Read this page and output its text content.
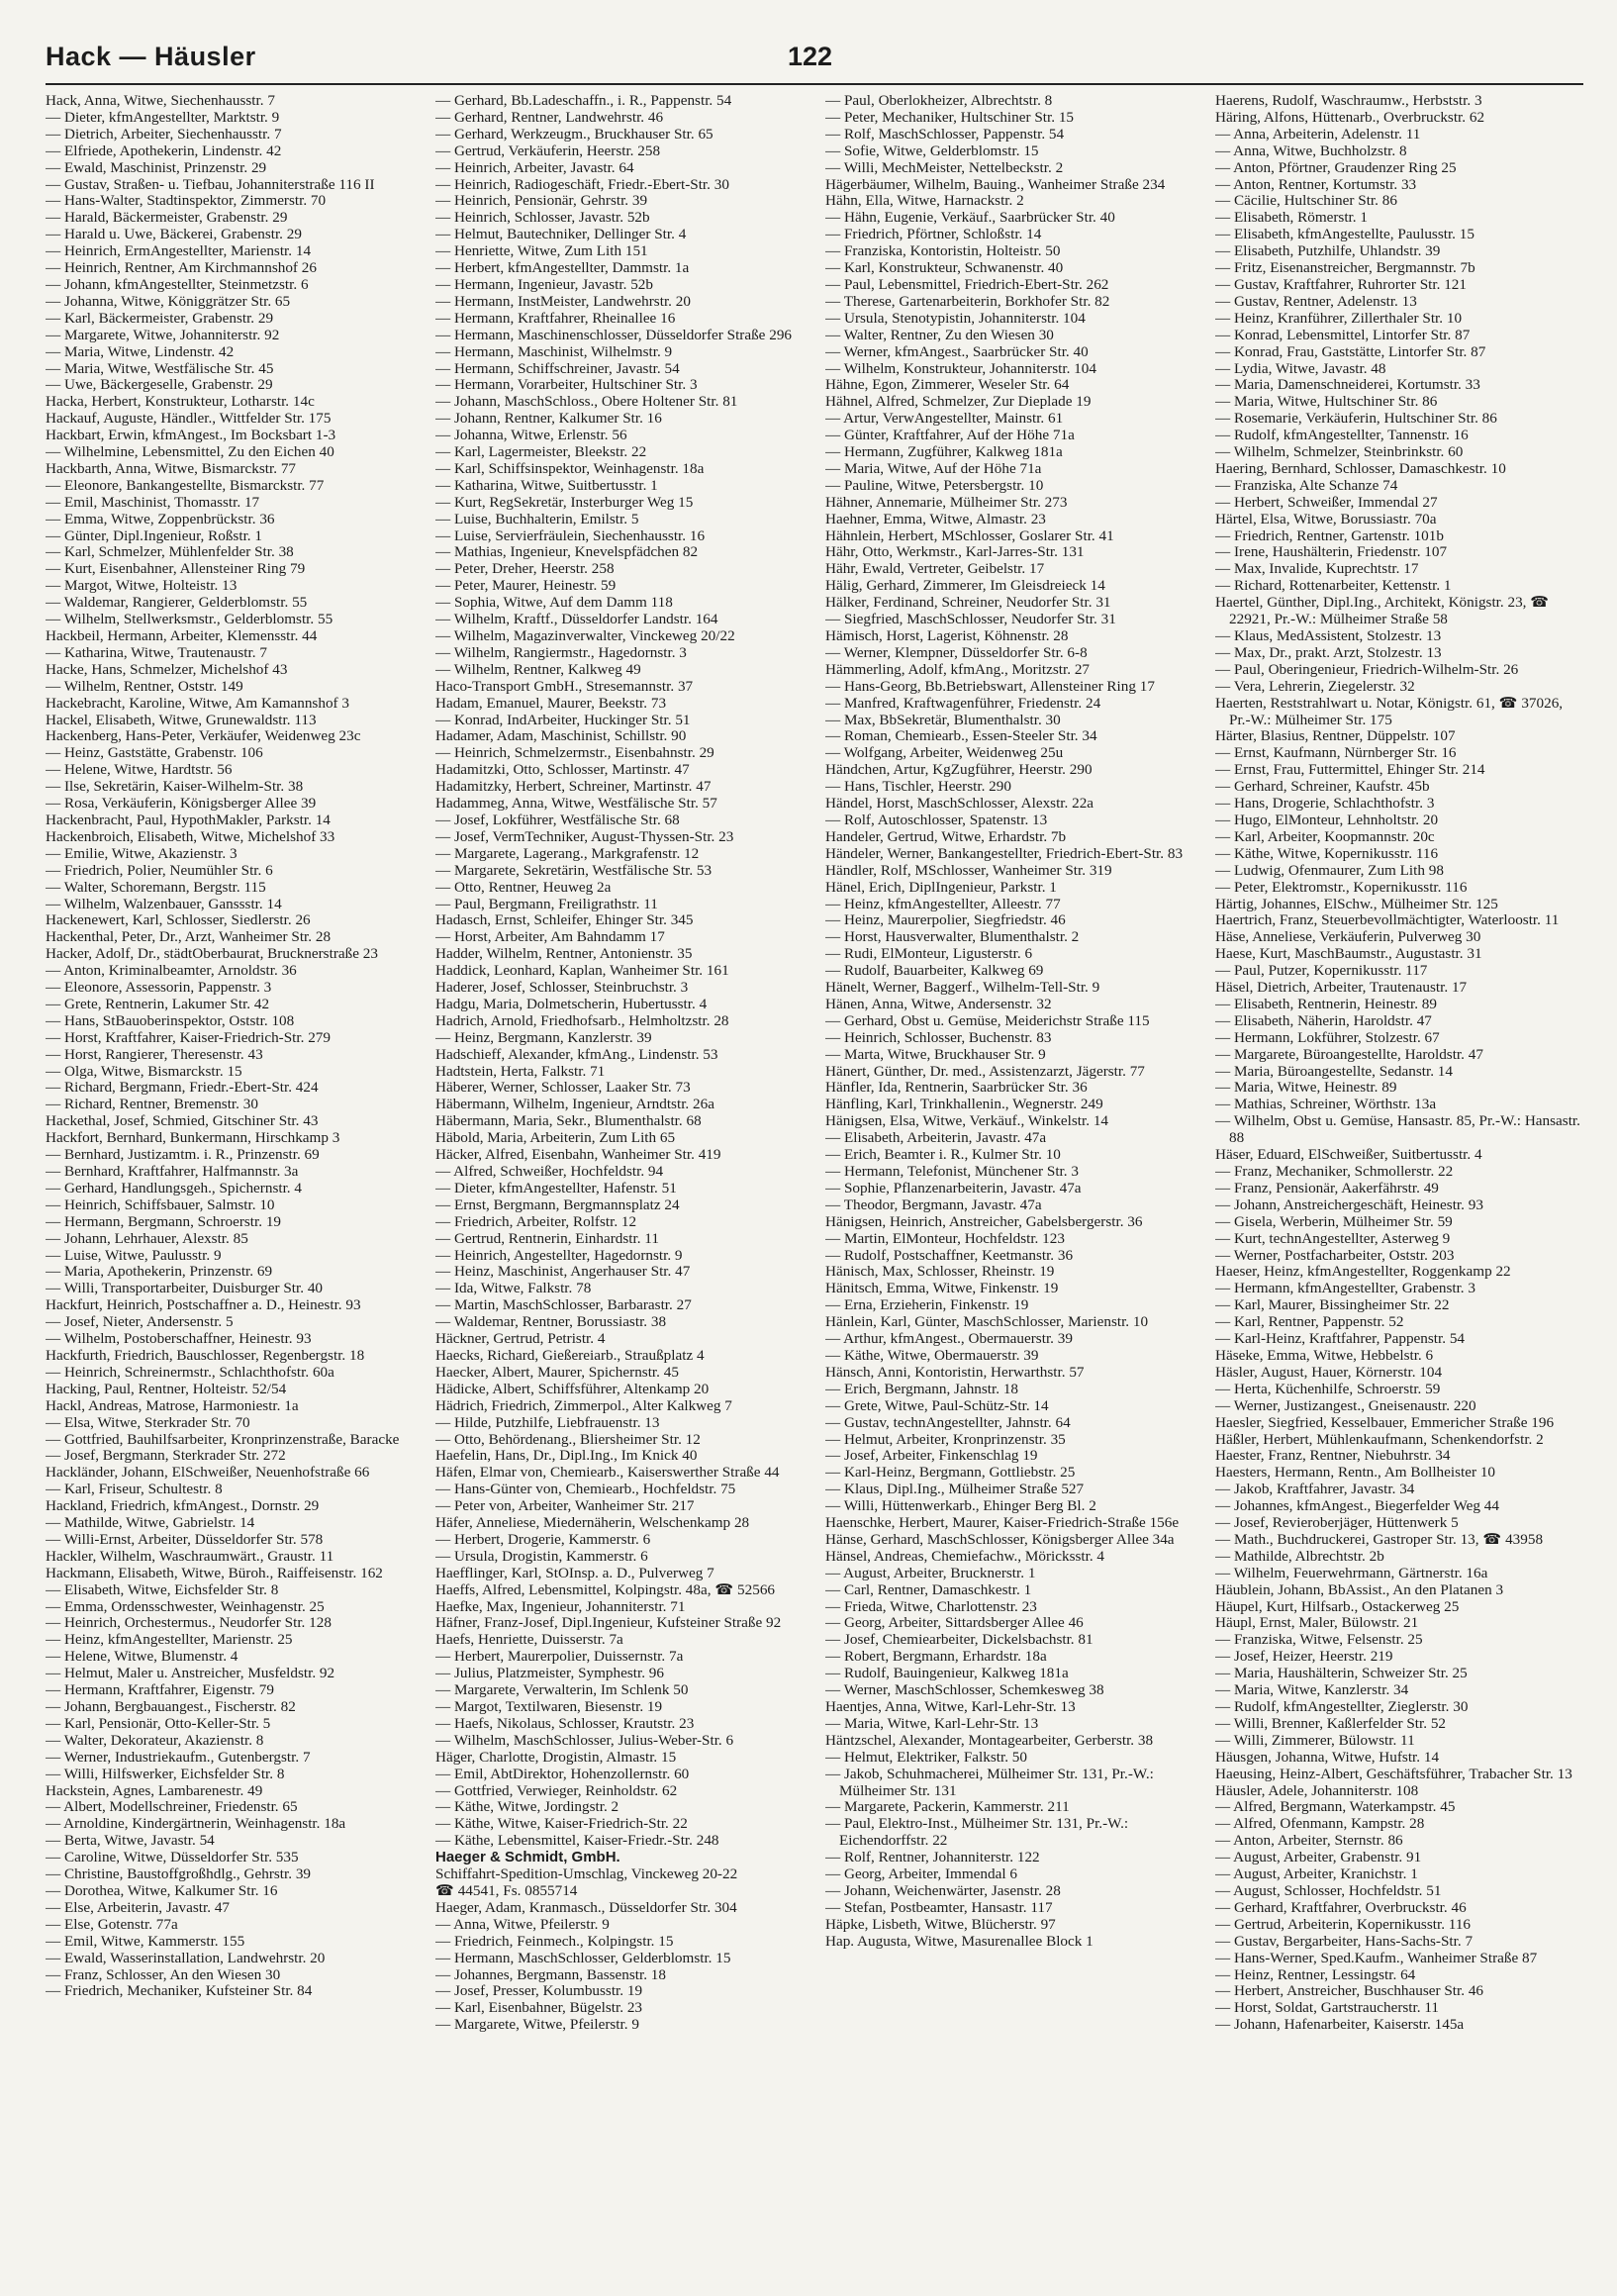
Hack — Häusler	122
Hack, Anna, Witwe, Siechenhausstr. 7
— Dieter, kfmAngestellter, Marktstr. 9
— Dietrich, Arbeiter, Siechenhausstr. 7
— Elfriede, Apothekerin, Lindenstr. 42
— Ewald, Maschinist, Prinzenstr. 29
— Gustav, Straßen- u. Tiefbau, Johanniterstraße 116 II
— Hans-Walter, Stadtinspektor, Zimmerstr. 70
— Harald, Bäckermeister, Grabenstr. 29
— Harald u. Uwe, Bäckerei, Grabenstr. 29
— Heinrich, ErmAngestellter, Marienstr. 14
— Heinrich, Rentner, Am Kirchmannshof 26
— Johann, kfmAngestellter, Steinmetzstr. 6
— Johanna, Witwe, Königgrätzer Str. 65
— Karl, Bäckermeister, Grabenstr. 29
— Margarete, Witwe, Johanniterstr. 92
— Maria, Witwe, Lindenstr. 42
— Maria, Witwe, Westfälische Str. 45
— Uwe, Bäckergeselle, Grabenstr. 29
Hacka, Herbert, Konstrukteur, Lotharstr. 14c
Hackauf, Auguste, Händler., Wittfelder Str. 175
Hackbart, Erwin, kfmAngest., Im Bocksbart 1-3
— Wilhelmine, Lebensmittel, Zu den Eichen 40
Hackbarth, Anna, Witwe, Bismarckstr. 77
— Eleonore, Bankangestellte, Bismarckstr. 77
— Emil, Maschinist, Thomasstr. 17
— Emma, Witwe, Zoppenbrückstr. 36
— Günter, Dipl.Ingenieur, Roßstr. 1
— Karl, Schmelzer, Mühlenfelder Str. 38
— Kurt, Eisenbahner, Allensteiner Ring 79
— Margot, Witwe, Holteistr. 13
— Waldemar, Rangierer, Gelderblomstr. 55
— Wilhelm, Stellwerksmstr., Gelderblomstr. 55
Hackbeil, Hermann, Arbeiter, Klemensstr. 44
— Katharina, Witwe, Trautenaustr. 7
Hacke, Hans, Schmelzer, Michelshof 43
— Wilhelm, Rentner, Oststr. 149
Hackebracht, Karoline, Witwe, Am Kamannshof 3
Hackel, Elisabeth, Witwe, Grunewaldstr. 113
Hackenberg, Hans-Peter, Verkäufer, Weidenweg 23c
— Heinz, Gaststätte, Grabenstr. 106
— Helene, Witwe, Hardtstr. 56
— Ilse, Sekretärin, Kaiser-Wilhelm-Str. 38
— Rosa, Verkäuferin, Königsberger Allee 39
Hackenbracht, Paul, HypothMakler, Parkstr. 14
Hackenbroich, Elisabeth, Witwe, Michelshof 33
— Emilie, Witwe, Akazienstr. 3
— Friedrich, Polier, Neumühler Str. 6
— Walter, Schoremann, Bergstr. 115
— Wilhelm, Walzenbauer, Ganssstr. 14
Hackenewert, Karl, Schlosser, Siedlerstr. 26
Hackenthal, Peter, Dr., Arzt, Wanheimer Str. 28
Hacker, Adolf, Dr., städtOberbaurat, Brucknerstraße 23
— Anton, Kriminalbeamter, Arnoldstr. 36
— Eleonore, Assessorin, Pappenstr. 3
— Grete, Rentnerin, Lakumer Str. 42
— Hans, StBauoberinspektor, Oststr. 108
— Horst, Kraftfahrer, Kaiser-Friedrich-Str. 279
— Horst, Rangierer, Theresenstr. 43
— Olga, Witwe, Bismarckstr. 15
— Richard, Bergmann, Friedr.-Ebert-Str. 424
— Richard, Rentner, Bremenstr. 30
Hackethal, Josef, Schmied, Gitschiner Str. 43
Hackfort, Bernhard, Bunkermann, Hirschkamp 3
— Bernhard, Justizamtm. i. R., Prinzenstr. 69
— Bernhard, Kraftfahrer, Halfmannstr. 3a
— Gerhard, Handlungsgeh., Spichernstr. 4
— Heinrich, Schiffsbauer, Salmstr. 10
— Hermann, Bergmann, Schroerstr. 19
— Johann, Lehrhauer, Alexstr. 85
— Luise, Witwe, Paulusstr. 9
— Maria, Apothekerin, Prinzenstr. 69
— Willi, Transportarbeiter, Duisburger Str. 40
Hackfurt, Heinrich, Postschaffner a. D., Heinestr. 93
— Josef, Nieter, Andersenstr. 5
— Wilhelm, Postoberschaffner, Heinestr. 93
Hackfurth, Friedrich, Bauschlosser, Regenbergstr. 18
— Heinrich, Schreinermstr., Schlachthofstr. 60a
Hacking, Paul, Rentner, Holteistr. 52/54
Hackl, Andreas, Matrose, Harmoniestr. 1a
— Elsa, Witwe, Sterkrader Str. 70
— Gottfried, Bauhilfsarbeiter, Kronprinzenstraße, Baracke
— Josef, Bergmann, Sterkrader Str. 272
Hackländer, Johann, ElSchweißer, Neuenhofstraße 66
— Karl, Friseur, Schultestr. 8
Hackland, Friedrich, kfmAngest., Dornstr. 29
— Mathilde, Witwe, Gabrielstr. 14
— Willi-Ernst, Arbeiter, Düsseldorfer Str. 578
Hackler, Wilhelm, Waschraumwärt., Graustr. 11
Hackmann, Elisabeth, Witwe, Büroh., Raiffeisenstr. 162
— Elisabeth, Witwe, Eichsfelder Str. 8
— Emma, Ordensschwester, Weinhagenstr. 25
— Heinrich, Orchestermus., Neudorfer Str. 128
— Heinz, kfmAngestellter, Marienstr. 25
— Helene, Witwe, Blumenstr. 4
— Helmut, Maler u. Anstreicher, Musfeldstr. 92
— Hermann, Kraftfahrer, Eigenstr. 79
— Johann, Bergbauangest., Fischerstr. 82
— Karl, Pensionär, Otto-Keller-Str. 5
— Walter, Dekorateur, Akazienstr. 8
— Werner, Industriekaufm., Gutenbergstr. 7
— Willi, Hilfswerker, Eichsfelder Str. 8
Hackstein, Agnes, Lambarenestr. 49
— Albert, Modellschreiner, Friedenstr. 65
— Arnoldine, Kindergärtnerin, Weinhagenstr. 18a
— Berta, Witwe, Javastr. 54
— Caroline, Witwe, Düsseldorfer Str. 535
— Christine, Baustoffgroßhdlg., Gehrstr. 39
— Dorothea, Witwe, Kalkumer Str. 16
— Else, Arbeiterin, Javastr. 47
— Else, Gotenstr. 77a
— Emil, Witwe, Kammerstr. 155
— Ewald, Wasserinstallation, Landwehrstr. 20
— Franz, Schlosser, An den Wiesen 30
— Friedrich, Mechaniker, Kufsteiner Str. 84
— Gerhard, Bb.Ladeschaffn., i. R., Pappenstr. 54
— Gerhard, Rentner, Landwehrstr. 46
— Gerhard, Werkzeugm., Bruckhauser Str. 65
— Gertrud, Verkäuferin, Heerstr. 258
— Heinrich, Arbeiter, Javastr. 64
— Heinrich, Radiogeschäft, Friedr.-Ebert-Str. 30
— Heinrich, Pensionär, Gehrstr. 39
— Heinrich, Schlosser, Javastr. 52b
— Helmut, Bautechniker, Dellinger Str. 4
— Henriette, Witwe, Zum Lith 151
— Herbert, kfmAngestellter, Dammstr. 1a
— Hermann, Ingenieur, Javastr. 52b
— Hermann, InstMeister, Landwehrstr. 20
— Hermann, Kraftfahrer, Rheinallee 16
— Hermann, Maschinenschlosser, Düsseldorfer Straße 296
— Hermann, Maschinist, Wilhelmstr. 9
— Hermann, Schiffschreiner, Javastr. 54
— Hermann, Vorarbeiter, Hultschiner Str. 3
— Johann, MaschSchloss., Obere Holtener Str. 81
— Johann, Rentner, Kalkumer Str. 16
— Johanna, Witwe, Erlenstr. 56
— Karl, Lagermeister, Bleekstr. 22
— Karl, Schiffsinspektor, Weinhagenstr. 18a
— Katharina, Witwe, Suitbertusstr. 1
— Kurt, RegSekretär, Insterburger Weg 15
— Luise, Buchhalterin, Emilstr. 5
— Luise, Servierfräulein, Siechenhausstr. 16
— Mathias, Ingenieur, Knevelspfädchen 82
— Peter, Dreher, Heerstr. 258
— Peter, Maurer, Heinestr. 59
— Sophia, Witwe, Auf dem Damm 118
— Wilhelm, Kraftf., Düsseldorfer Landstr. 164
— Wilhelm, Magazinverwalter, Vinckeweg 20/22
— Wilhelm, Rangiermstr., Hagedornstr. 3
— Wilhelm, Rentner, Kalkweg 49
Haco-Transport GmbH., Stresemannstr. 37
Hadam, Emanuel, Maurer, Beekstr. 73
— Konrad, IndArbeiter, Huckinger Str. 51
Hadamer, Adam, Maschinist, Schillstr. 90
— Heinrich, Schmelzermstr., Eisenbahnstr. 29
Hadamitzki, Otto, Schlosser, Martinstr. 47
Hadamitzky, Herbert, Schreiner, Martinstr. 47
Hadammeg, Anna, Witwe, Westfälische Str. 57
— Josef, Lokführer, Westfälische Str. 68
— Josef, VermTechniker, August-Thyssen-Str. 23
— Margarete, Lagerang., Markgrafenstr. 12
— Margarete, Sekretärin, Westfälische Str. 53
— Otto, Rentner, Heuweg 2a
— Paul, Bergmann, Freiligrathstr. 11
Hadasch, Ernst, Schleifer, Ehinger Str. 345
— Horst, Arbeiter, Am Bahndamm 17
Hadder, Wilhelm, Rentner, Antonienstr. 35
Haddick, Leonhard, Kaplan, Wanheimer Str. 161
Haderer, Josef, Schlosser, Steinbruchstr. 3
Hadgu, Maria, Dolmetscherin, Hubertusstr. 4
Hadrich, Arnold, Friedhofsarb., Helmholtzstr. 28
— Heinz, Bergmann, Kanzlerstr. 39
Hadschieff, Alexander, kfmAng., Lindenstr. 53
Hadtstein, Herta, Falkstr. 71
Häberer, Werner, Schlosser, Laaker Str. 73
Häbermann, Wilhelm, Ingenieur, Arndtstr. 26a
Häbermann, Maria, Sekr., Blumenthalstr. 68
Häbold, Maria, Arbeiterin, Zum Lith 65
Häcker, Alfred, Eisenbahn, Wanheimer Str. 419
— Alfred, Schweißer, Hochfeldstr. 94
— Dieter, kfmAngestellter, Hafenstr. 51
— Ernst, Bergmann, Bergmannsplatz 24
— Friedrich, Arbeiter, Rolfstr. 12
— Gertrud, Rentnerin, Einhardstr. 11
— Heinrich, Angestellter, Hagedornstr. 9
— Heinz, Maschinist, Angerhauser Str. 47
— Ida, Witwe, Falkstr. 78
— Martin, MaschSchlosser, Barbarastr. 27
— Waldemar, Rentner, Borussiastr. 38
Häckner, Gertrud, Petristr. 4
Haecks, Richard, Gießereiarb., Straußplatz 4
Haecker, Albert, Maurer, Spichernstr. 45
Hädicke, Albert, Schiffsführer, Altenkamp 20
Hädrich, Friedrich, Zimmerpol., Alter Kalkweg 7
— Hilde, Putzhilfe, Liebfrauenstr. 13
— Otto, Behördenang., Bliersheimer Str. 12
Haefelin, Hans, Dr., Dipl.Ing., Im Knick 40
Häfen, Elmar von, Chemiearb., Kaiserswerther Straße 44
— Hans-Günter von, Chemiearb., Hochfeldstr. 75
— Peter von, Arbeiter, Wanheimer Str. 217
Häfer, Anneliese, Miedernäherin, Welschenkamp 28
— Herbert, Drogerie, Kammerstr. 6
— Ursula, Drogistin, Kammerstr. 6
Haefflinger, Karl, StOInsp. a. D., Pulverweg 7
Haeffs, Alfred, Lebensmittel, Kolpingstr. 48a, ☎ 52566
Haefke, Max, Ingenieur, Johanniterstr. 71
Häfner, Franz-Josef, Dipl.Ingenieur, Kufsteiner Straße 92
Haefs, Henriette, Duisserstr. 7a
— Herbert, Maurerpolier, Duissernstr. 7a
— Julius, Platzmeister, Symphestr. 96
— Margarete, Verwalterin, Im Schlenk 50
— Margot, Textilwaren, Biesenstr. 19
— Haefs, Nikolaus, Schlosser, Krautstr. 23
— Wilhelm, MaschSchlosser, Julius-Weber-Str. 6
Häger, Charlotte, Drogistin, Almastr. 15
— Emil, AbtDirektor, Hohenzollernstr. 60
— Gottfried, Verwieger, Reinholdstr. 62
— Käthe, Witwe, Jordingstr. 2
— Käthe, Witwe, Kaiser-Friedrich-Str. 22
— Käthe, Lebensmittel, Kaiser-Friedr.-Str. 248
Haeger & Schmidt, GmbH.
Schiffahrt-Spedition-Umschlag, Vinckeweg 20-22
☎ 44541, Fs. 0855714
Haeger, Adam, Kranmasch., Düsseldorfer Str. 304
— Anna, Witwe, Pfeilerstr. 9
— Friedrich, Feinmech., Kolpingstr. 15
— Hermann, MaschSchlosser, Gelderblomstr. 15
— Johannes, Bergmann, Bassenstr. 18
— Josef, Presser, Kolumbusstr. 19
— Karl, Eisenbahner, Bügelstr. 23
— Margarete, Witwe, Pfeilerstr. 9
— Paul, Oberlokheizer, Albrechtstr. 8
— Peter, Mechaniker, Hultschiner Str. 15
— Rolf, MaschSchlosser, Pappenstr. 54
— Sofie, Witwe, Gelderblomstr. 15
— Willi, MechMeister, Nettelbeckstr. 2
Hägerbäumer, Wilhelm, Bauing., Wanheimer Straße 234
Hähn, Ella, Witwe, Harnackstr. 2
— Hähn, Eugenie, Verkäuf., Saarbrücker Str. 40
— Friedrich, Pförtner, Schloßstr. 14
— Franziska, Kontoristin, Holteistr. 50
— Karl, Konstrukteur, Schwanenstr. 40
— Paul, Lebensmittel, Friedrich-Ebert-Str. 262
— Therese, Gartenarbeiterin, Borkhofer Str. 82
— Ursula, Stenotypistin, Johanniterstr. 104
— Walter, Rentner, Zu den Wiesen 30
— Werner, kfmAngest., Saarbrücker Str. 40
— Wilhelm, Konstrukteur, Johanniterstr. 104
Hähne, Egon, Zimmerer, Weseler Str. 64
Hähnel, Alfred, Schmelzer, Zur Dieplade 19
— Artur, VerwAngestellter, Mainstr. 61
— Günter, Kraftfahrer, Auf der Höhe 71a
— Hermann, Zugführer, Kalkweg 181a
— Maria, Witwe, Auf der Höhe 71a
— Pauline, Witwe, Petersbergstr. 10
Hähner, Annemarie, Mülheimer Str. 273
Haehner, Emma, Witwe, Almastr. 23
Hähnlein, Herbert, MSchlosser, Goslarer Str. 41
Hähr, Otto, Werkmstr., Karl-Jarres-Str. 131
Hähr, Ewald, Vertreter, Geibelstr. 17
Hälig, Gerhard, Zimmerer, Im Gleisdreieck 14
Hälker, Ferdinand, Schreiner, Neudorfer Str. 31
— Siegfried, MaschSchlosser, Neudorfer Str. 31
Hämisch, Horst, Lagerist, Köhnenstr. 28
— Werner, Klempner, Düsseldorfer Str. 6-8
Hämmerling, Adolf, kfmAng., Moritzstr. 27
— Hans-Georg, Bb.Betriebswart, Allensteiner Ring 17
— Manfred, Kraftwagenführer, Friedenstr. 24
— Max, BbSekretär, Blumenthalstr. 30
— Roman, Chemiearb., Essen-Steeler Str. 34
— Wolfgang, Arbeiter, Weidenweg 25u
Händchen, Artur, KgZugführer, Heerstr. 290
— Hans, Tischler, Heerstr. 290
Händel, Horst, MaschSchlosser, Alexstr. 22a
— Rolf, Autoschlosser, Spatenstr. 13
Handeler, Gertrud, Witwe, Erhardstr. 7b
Händeler, Werner, Bankangestellter, Friedrich-Ebert-Str. 83
Händler, Rolf, MSchlosser, Wanheimer Str. 319
Hänel, Erich, DiplIngenieur, Parkstr. 1
— Heinz, kfmAngestellter, Alleestr. 77
— Heinz, Maurerpolier, Siegfriedstr. 46
— Horst, Hausverwalter, Blumenthalstr. 2
— Rudi, ElMonteur, Ligusterstr. 6
— Rudolf, Bauarbeiter, Kalkweg 69
Hänelt, Werner, Baggerf., Wilhelm-Tell-Str. 9
Hänen, Anna, Witwe, Andersenstr. 32
— Gerhard, Obst u. Gemüse, Meiderichstr Straße 115
— Heinrich, Schlosser, Buchenstr. 83
— Marta, Witwe, Bruckhauser Str. 9
Hänert, Günther, Dr. med., Assistenzarzt, Jägerstr. 77
Hänfler, Ida, Rentnerin, Saarbrücker Str. 36
Hänfling, Karl, Trinkhallenin., Wegnerstr. 249
Hänigsen, Elsa, Witwe, Verkäuf., Winkelstr. 14
— Elisabeth, Arbeiterin, Javastr. 47a
— Erich, Beamter i. R., Kulmer Str. 10
— Hermann, Telefonist, Münchener Str. 3
— Sophie, Pflanzenarbeiterin, Javastr. 47a
— Theodor, Bergmann, Javastr. 47a
Hänigsen, Heinrich, Anstreicher, Gabelsbergerstr. 36
— Martin, ElMonteur, Hochfeldstr. 123
— Rudolf, Postschaffner, Keetmanstr. 36
Hänisch, Max, Schlosser, Rheinstr. 19
Hänitsch, Emma, Witwe, Finkenstr. 19
— Erna, Erzieherin, Finkenstr. 19
Hänlein, Karl, Günter, MaschSchlosser, Marienstr. 10
— Arthur, kfmAngest., Obermauerstr. 39
— Käthe, Witwe, Obermauerstr. 39
Hänsch, Anni, Kontoristin, Herwarthstr. 57
— Erich, Bergmann, Jahnstr. 18
— Grete, Witwe, Paul-Schütz-Str. 14
— Gustav, technAngestellter, Jahnstr. 64
— Helmut, Arbeiter, Kronprinzenstr. 35
— Josef, Arbeiter, Finkenschlag 19
— Karl-Heinz, Bergmann, Gottliebstr. 25
— Klaus, Dipl.Ing., Mülheimer Straße 527
— Willi, Hüttenwerkarb., Ehinger Berg Bl. 2
Haenschke, Herbert, Maurer, Kaiser-Friedrich-Straße 156e
Hänse, Gerhard, MaschSchlosser, Königsberger Allee 34a
Hänsel, Andreas, Chemiefachw., Möricksstr. 4
— August, Arbeiter, Brucknerstr. 1
— Carl, Rentner, Damaschkestr. 1
— Frieda, Witwe, Charlottenstr. 23
— Georg, Arbeiter, Sittardsberger Allee 46
— Josef, Chemiearbeiter, Dickelsbachstr. 81
— Robert, Bergmann, Erhardstr. 18a
— Rudolf, Bauingenieur, Kalkweg 181a
— Werner, MaschSchlosser, Schemkesweg 38
Haentjes, Anna, Witwe, Karl-Lehr-Str. 13
— Maria, Witwe, Karl-Lehr-Str. 13
Häntzschel, Alexander, Montagearbeiter, Gerberstr. 38
— Helmut, Elektriker, Falkstr. 50
— Jakob, Schuhmacherei, Mülheimer Str. 131, Pr.-W.: Mülheimer Str. 131
— Margarete, Packerin, Kammerstr. 211
— Paul, Elektro-Inst., Mülheimer Str. 131, Pr.-W.: Eichendorffstr. 22
— Rolf, Rentner, Johanniterstr. 122
— Georg, Arbeiter, Immendal 6
— Johann, Weichenwärter, Jasenstr. 28
— Stefan, Postbeamter, Hansastr. 117
Häpke, Lisbeth, Witwe, Blücherstr. 97
Hap. Augusta, Witwe, Masurenallee Block 1
Haerens, Rudolf, Waschraumw., Herbststr. 3
Häring, Alfons, Hüttenarb., Overbruckstr. 62
— Anna, Arbeiterin, Adelenstr. 11
— Anna, Witwe, Buchholzstr. 8
— Anton, Pförtner, Graudenzer Ring 25
— Anton, Rentner, Kortumstr. 33
— Cäcilie, Hultschiner Str. 86
— Elisabeth, Römerstr. 1
— Elisabeth, kfmAngestellte, Paulusstr. 15
— Elisabeth, Putzhilfe, Uhlandstr. 39
— Fritz, Eisenanstreicher, Bergmannstr. 7b
— Gustav, Kraftfahrer, Ruhrorter Str. 121
— Gustav, Rentner, Adelenstr. 13
— Heinz, Kranführer, Zillerthaler Str. 10
— Konrad, Lebensmittel, Lintorfer Str. 87
— Konrad, Frau, Gaststätte, Lintorfer Str. 87
— Lydia, Witwe, Javastr. 48
— Maria, Damenschneiderei, Kortumstr. 33
— Maria, Witwe, Hultschiner Str. 86
— Rosemarie, Verkäuferin, Hultschiner Str. 86
— Rudolf, kfmAngestellter, Tannenstr. 16
— Wilhelm, Schmelzer, Steinbrinkstr. 60
Haering, Bernhard, Schlosser, Damaschkestr. 10
— Franziska, Alte Schanze 74
— Herbert, Schweißer, Immendal 27
Härtel, Elsa, Witwe, Borussiastr. 70a
— Friedrich, Rentner, Gartenstr. 101b
— Irene, Haushälterin, Friedenstr. 107
— Max, Invalide, Kuprechtstr. 17
— Richard, Rottenarbeiter, Kettenstr. 1
Haertel, Günther, Dipl.Ing., Architekt, Königstr. 23, ☎ 22921, Pr.-W.: Mülheimer Straße 58
— Klaus, MedAssistent, Stolzestr. 13
— Max, Dr., prakt. Arzt, Stolzestr. 13
— Paul, Oberingenieur, Friedrich-Wilhelm-Str. 26
— Vera, Lehrerin, Ziegelerstr. 32
Haerten, Reststrahlwart u. Notar, Königstr. 61, ☎ 37026, Pr.-W.: Mülheimer Str. 175
Härter, Blasius, Rentner, Düppelstr. 107
— Ernst, Kaufmann, Nürnberger Str. 16
— Ernst, Frau, Futtermittel, Ehinger Str. 214
— Gerhard, Schreiner, Kaufstr. 45b
— Hans, Drogerie, Schlachthofstr. 3
— Hugo, ElMonteur, Lehnholtstr. 20
— Karl, Arbeiter, Koopmannstr. 20c
— Käthe, Witwe, Kopernikusstr. 116
— Ludwig, Ofenmaurer, Zum Lith 98
— Peter, Elektromstr., Kopernikusstr. 116
Härtig, Johannes, ElSchw., Mülheimer Str. 125
Haertrich, Franz, Steuerbevollmächtigter, Waterloostr. 11
Häse, Anneliese, Verkäuferin, Pulverweg 30
Haese, Kurt, MaschBaumstr., Augustastr. 31
— Paul, Putzer, Kopernikusstr. 117
Häsel, Dietrich, Arbeiter, Trautenaustr. 17
— Elisabeth, Rentnerin, Heinestr. 89
— Elisabeth, Näherin, Haroldstr. 47
— Hermann, Lokführer, Stolzestr. 67
— Margarete, Büroangestellte, Haroldstr. 47
— Maria, Büroangestellte, Sedanstr. 14
— Maria, Witwe, Heinestr. 89
— Mathias, Schreiner, Wörthstr. 13a
— Wilhelm, Obst u. Gemüse, Hansastr. 85, Pr.-W.: Hansastr. 88
Häser, Eduard, ElSchweißer, Suitbertusstr. 4
— Franz, Mechaniker, Schmollerstr. 22
— Franz, Pensionär, Aakerfährstr. 49
— Johann, Anstreichergeschäft, Heinestr. 93
— Gisela, Werberin, Mülheimer Str. 59
— Kurt, technAngestellter, Asterweg 9
— Werner, Postfacharbeiter, Oststr. 203
Haeser, Heinz, kfmAngestellter, Roggenkamp 22
— Hermann, kfmAngestellter, Grabenstr. 3
— Karl, Maurer, Bissingheimer Str. 22
— Karl, Rentner, Pappenstr. 52
— Karl-Heinz, Kraftfahrer, Pappenstr. 54
Häseke, Emma, Witwe, Hebbelstr. 6
Häsler, August, Hauer, Körnerstr. 104
— Herta, Küchenhilfe, Schroerstr. 59
— Werner, Justizangest., Gneisenaustr. 220
Haesler, Siegfried, Kesselbauer, Emmericher Straße 196
Häßler, Herbert, Mühlenkaufmann, Schenkendorfstr. 2
Haester, Franz, Rentner, Niebuhrstr. 34
Haesters, Hermann, Rentn., Am Bollheister 10
— Jakob, Kraftfahrer, Javastr. 34
— Johannes, kfmAngest., Biegerfelder Weg 44
— Josef, Revieroberjäger, Hüttenwerk 5
— Math., Buchdruckerei, Gastroper Str. 13, ☎ 43958
— Mathilde, Albrechtstr. 2b
— Wilhelm, Feuerwehrmann, Gärtnerstr. 16a
Häublein, Johann, BbAssist., An den Platanen 3
Häupel, Kurt, Hilfsarb., Ostackerweg 25
Häupl, Ernst, Maler, Bülowstr. 21
— Franziska, Witwe, Felsenstr. 25
— Josef, Heizer, Heerstr. 219
— Maria, Haushälterin, Schweizer Str. 25
— Maria, Witwe, Kanzlerstr. 34
— Rudolf, kfmAngestellter, Zieglerstr. 30
— Willi, Brenner, Kaßlerfelder Str. 52
— Willi, Zimmerer, Bülowstr. 11
Häusgen, Johanna, Witwe, Hufstr. 14
Haeusing, Heinz-Albert, Geschäftsführer, Trabacher Str. 13
Häusler, Adele, Johanniterstr. 108
— Alfred, Bergmann, Waterkampstr. 45
— Alfred, Ofenmann, Kampstr. 28
— Anton, Arbeiter, Sternstr. 86
— August, Arbeiter, Grabenstr. 91
— August, Arbeiter, Kranichstr. 1
— August, Schlosser, Hochfeldstr. 51
— Gerhard, Kraftfahrer, Overbruckstr. 46
— Gertrud, Arbeiterin, Kopernikusstr. 116
— Gustav, Bergarbeiter, Hans-Sachs-Str. 7
— Hans-Werner, Sped.Kaufm., Wanheimer Straße 87
— Heinz, Rentner, Lessingstr. 64
— Herbert, Anstreicher, Buschhauser Str. 46
— Horst, Soldat, Gartstraucherstr. 11
— Johann, Hafenarbeiter, Kaiserstr. 145a
